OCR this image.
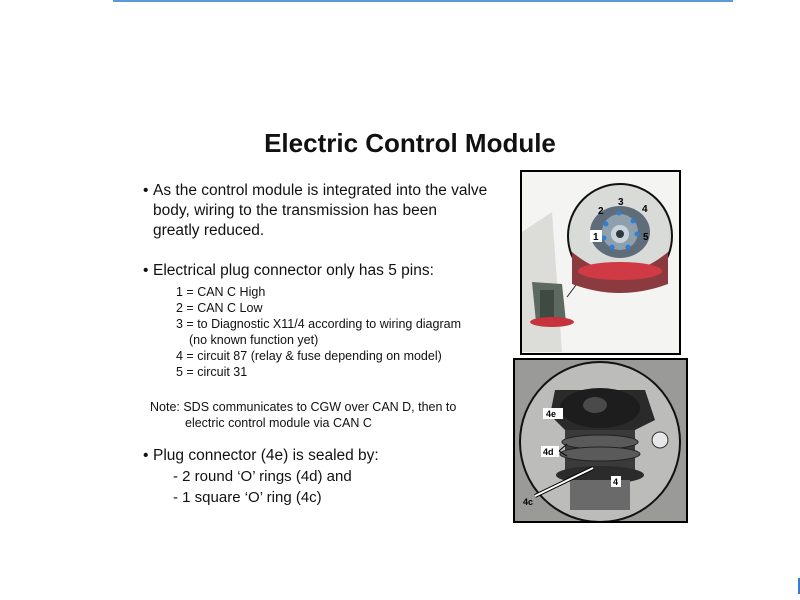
Electric Control Module
• As the control module is integrated into the valve
body, wiring to the transmission has been
greatly reduced.
• Electrical plug connector only has 5 pins:
1 = CAN C High
2 = CAN C Low
3 = to Diagnostic X11/4 according to wiring diagram
(no known function yet)
4 = circuit 87 (relay & fuse depending on model)
5 = circuit 31
Note: SDS communicates to CGW over CAN D, then to
electric control module via CAN C
• Plug connector (4e) is sealed by:
- 2 round ‘O’ rings (4d) and
- 1 square ‘O’ ring (4c)
1
2
3
4
5
4e
4d
4
4c
